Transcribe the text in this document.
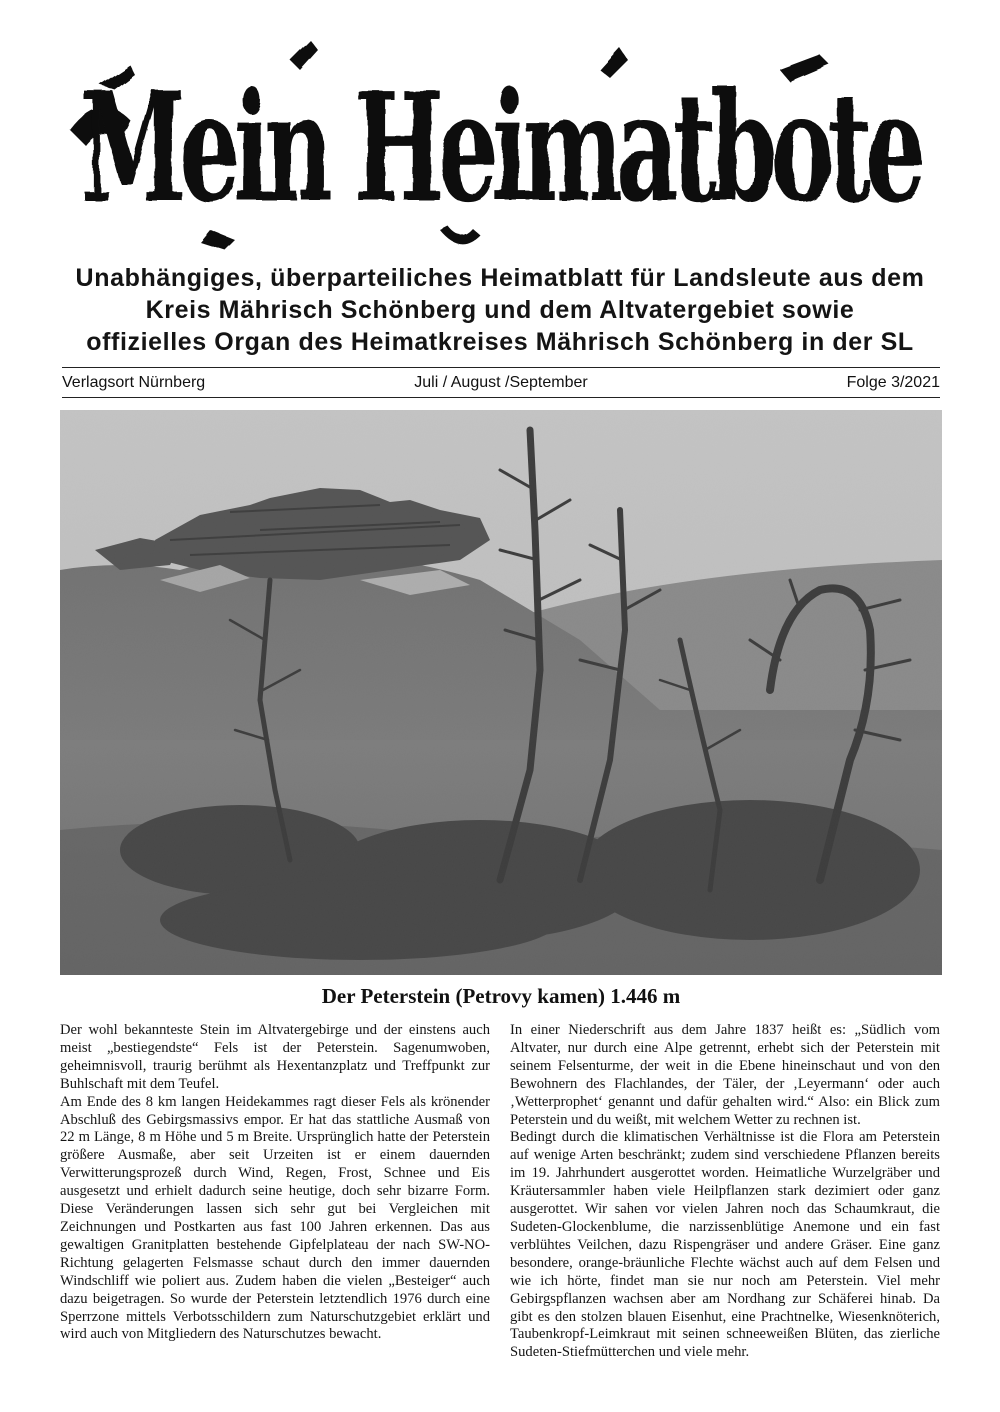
Mein Heimatbote
Unabhängiges, überparteiliches Heimatblatt für Landsleute aus dem
Kreis Mährisch Schönberg und dem Altvatergebiet sowie
offizielles Organ des Heimatkreises Mährisch Schönberg in der SL
Verlagsort Nürnberg	Juli / August /September	Folge 3/2021
Der Peterstein (Petrovy kamen) 1.446 m

Der wohl bekannteste Stein im Altvatergebirge und der einstens auch meist „bestiegendste“ Fels ist der Peterstein. Sagenumwoben, geheimnisvoll, traurig berühmt als Hexentanzplatz und Treffpunkt zur Buhlschaft mit dem Teufel.

Am Ende des 8 km langen Heidekammes ragt dieser Fels als krönender Abschluß des Gebirgsmassivs empor. Er hat das stattliche Ausmaß von 22 m Länge, 8 m Höhe und 5 m Breite. Ursprünglich hatte der Peterstein größere Ausmaße, aber seit Urzeiten ist er einem dauernden Verwitterungsprozeß durch Wind, Regen, Frost, Schnee und Eis ausgesetzt und erhielt dadurch seine heutige, doch sehr bizarre Form. Diese Veränderungen lassen sich sehr gut bei Vergleichen mit Zeichnungen und Postkarten aus fast 100 Jahren erkennen. Das aus gewaltigen Granitplatten bestehende Gipfelplateau der nach SW-NO-Richtung gelagerten Felsmasse schaut durch den immer dauernden Windschliff wie poliert aus. Zudem haben die vielen „Besteiger“ auch dazu beigetragen. So wurde der Peterstein letztendlich 1976 durch eine Sperrzone mittels Verbotsschildern zum Naturschutzgebiet erklärt und wird auch von Mitgliedern des Naturschutzes bewacht.

In einer Niederschrift aus dem Jahre 1837 heißt es: „Südlich vom Altvater, nur durch eine Alpe getrennt, erhebt sich der Peterstein mit seinem Felsenturme, der weit in die Ebene hineinschaut und von den Bewohnern des Flachlandes, der Täler, der ‚Leyermann‘ oder auch ‚Wetterprophet‘ genannt und dafür gehalten wird.“ Also: ein Blick zum Peterstein und du weißt, mit welchem Wetter zu rechnen ist.

Bedingt durch die klimatischen Verhältnisse ist die Flora am Peterstein auf wenige Arten beschränkt; zudem sind verschiedene Pflanzen bereits im 19. Jahrhundert ausgerottet worden. Heimatliche Wurzelgräber und Kräutersammler haben viele Heilpflanzen stark dezimiert oder ganz ausgerottet. Wir sahen vor vielen Jahren noch das Schaumkraut, die Sudeten-Glockenblume, die narzissenblütige Anemone und ein fast verblühtes Veilchen, dazu Rispengräser und andere Gräser. Eine ganz besondere, orange-bräunliche Flechte wächst auch auf dem Felsen und wie ich hörte, findet man sie nur noch am Peterstein. Viel mehr Gebirgspflanzen wachsen aber am Nordhang zur Schäferei hinab. Da gibt es den stolzen blauen Eisenhut, eine Prachtnelke, Wiesenknöterich, Taubenkropf-Leimkraut mit seinen schneeweißen Blüten, das zierliche Sudeten-Stiefmütterchen und viele mehr.
